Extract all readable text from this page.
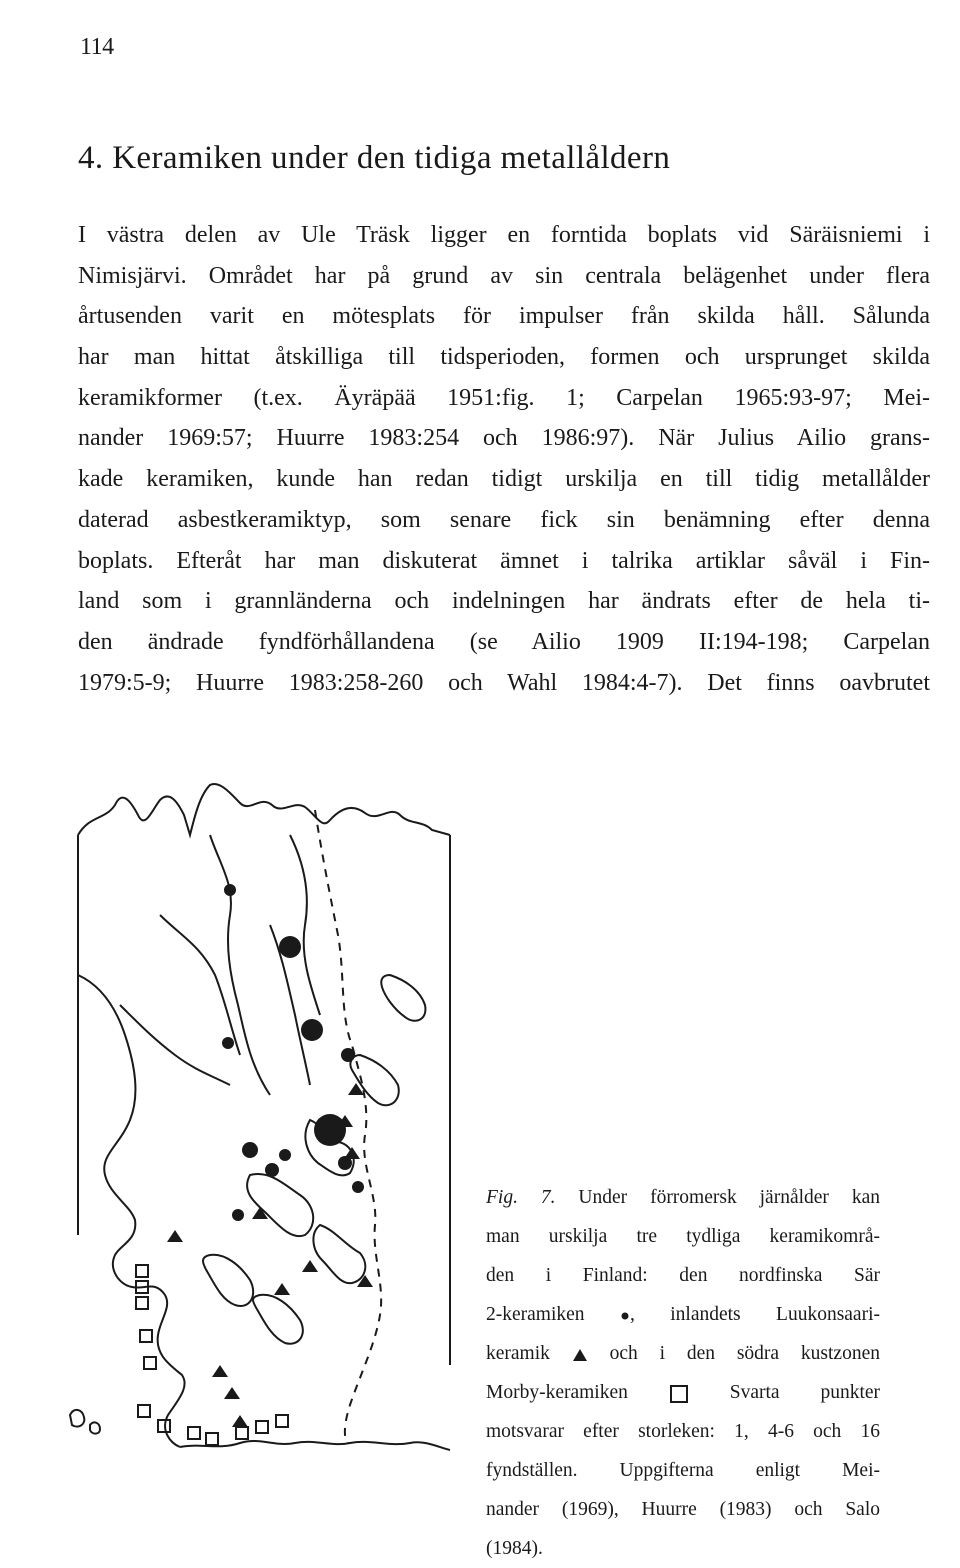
114
4. Keramiken under den tidiga metallåldern
I västra delen av Ule Träsk ligger en forntida boplats vid Säräisniemi i
Nimisjärvi. Området har på grund av sin centrala belägenhet under flera
årtusenden varit en mötesplats för impulser från skilda håll. Sålunda
har man hittat åtskilliga till tidsperioden, formen och ursprunget skilda
keramikformer (t.ex. Äyräpää 1951:fig. 1; Carpelan 1965:93-97; Mei-
nander 1969:57; Huurre 1983:254 och 1986:97). När Julius Ailio grans-
kade keramiken, kunde han redan tidigt urskilja en till tidig metallålder
daterad asbestkeramiktyp, som senare fick sin benämning efter denna
boplats. Efteråt har man diskuterat ämnet i talrika artiklar såväl i Fin-
land som i grannländerna och indelningen har ändrats efter de hela ti-
den ändrade fyndförhållandena (se Ailio 1909 II:194-198; Carpelan
1979:5-9; Huurre 1983:258-260 och Wahl 1984:4-7). Det finns oavbrutet
Fig. 7. Under förromersk järnålder kan
man urskilja tre tydliga keramikområ-
den i Finland: den nordfinska Sär
2-keramiken , inlandets Luukonsaari-
keramik	och i den södra kustzonen
Morby-keramiken	Svarta punkter
motsvarar efter storleken: 1, 4-6 och 16
fyndställen. Uppgifterna enligt Mei-
nander (1969), Huurre (1983) och Salo
(1984).
